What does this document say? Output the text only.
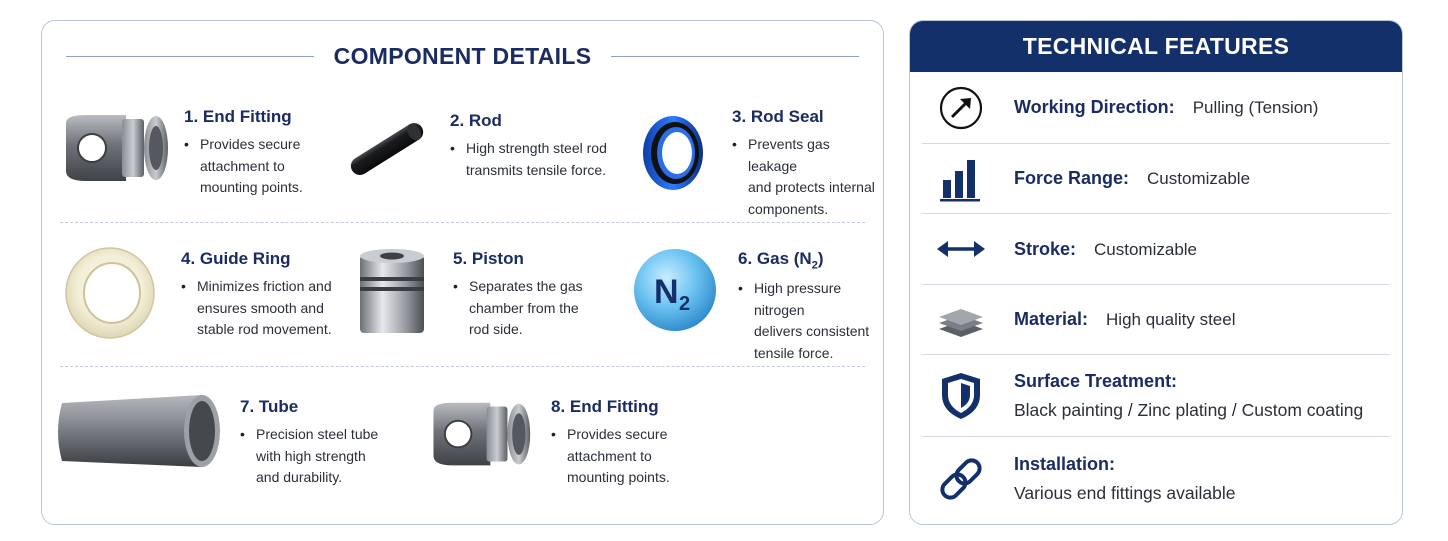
COMPONENT DETAILS
1. End Fitting
• Provides secure
attachment to
mounting points.
2. Rod
• High strength steel rod
transmits tensile force.
3. Rod Seal
• Prevents gas leakage
and protects internal
components.
4. Guide Ring
• Minimizes friction and
ensures smooth and
stable rod movement.
5. Piston
• Separates the gas
chamber from the
rod side.
N 2
6. Gas $(N_2)$
• High pressure nitrogen
delivers consistent
tensile force.
7. Tube
• Precision steel tube
with high strength
and durability.
8. End Fitting
• Provides secure
attachment to
mounting points.
TECHNICAL FEATURES
Working Direction: Pulling (Tension)
Force Range: Customizable
Stroke: Customizable
Material: High quality steel
Surface Treatment:
Black painting / Zinc plating / Custom coating
Installation:
Various end fittings available
